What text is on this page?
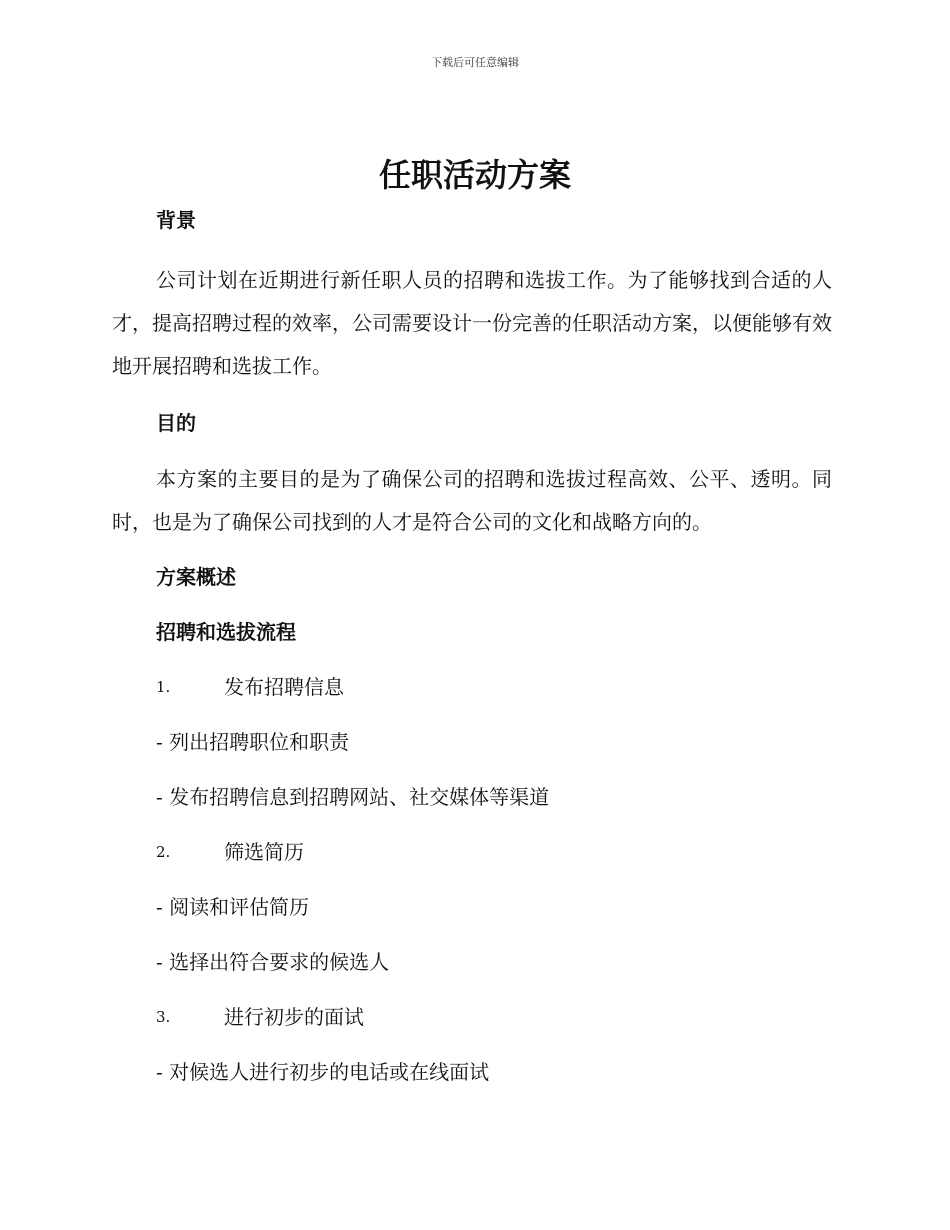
下载后可任意编辑
任职活动方案
背景

公司计划在近期进行新任职人员的招聘和选拔工作。为了能够找到合适的人才，提高招聘过程的效率，公司需要设计一份完善的任职活动方案，以便能够有效地开展招聘和选拔工作。

目的

本方案的主要目的是为了确保公司的招聘和选拔过程高效、公平、透明。同时，也是为了确保公司找到的人才是符合公司的文化和战略方向的。

方案概述
招聘和选拔流程
1.	发布招聘信息
- 列出招聘职位和职责
- 发布招聘信息到招聘网站、社交媒体等渠道
2.	筛选简历
- 阅读和评估简历
- 选择出符合要求的候选人
3.	进行初步的面试
- 对候选人进行初步的电话或在线面试
